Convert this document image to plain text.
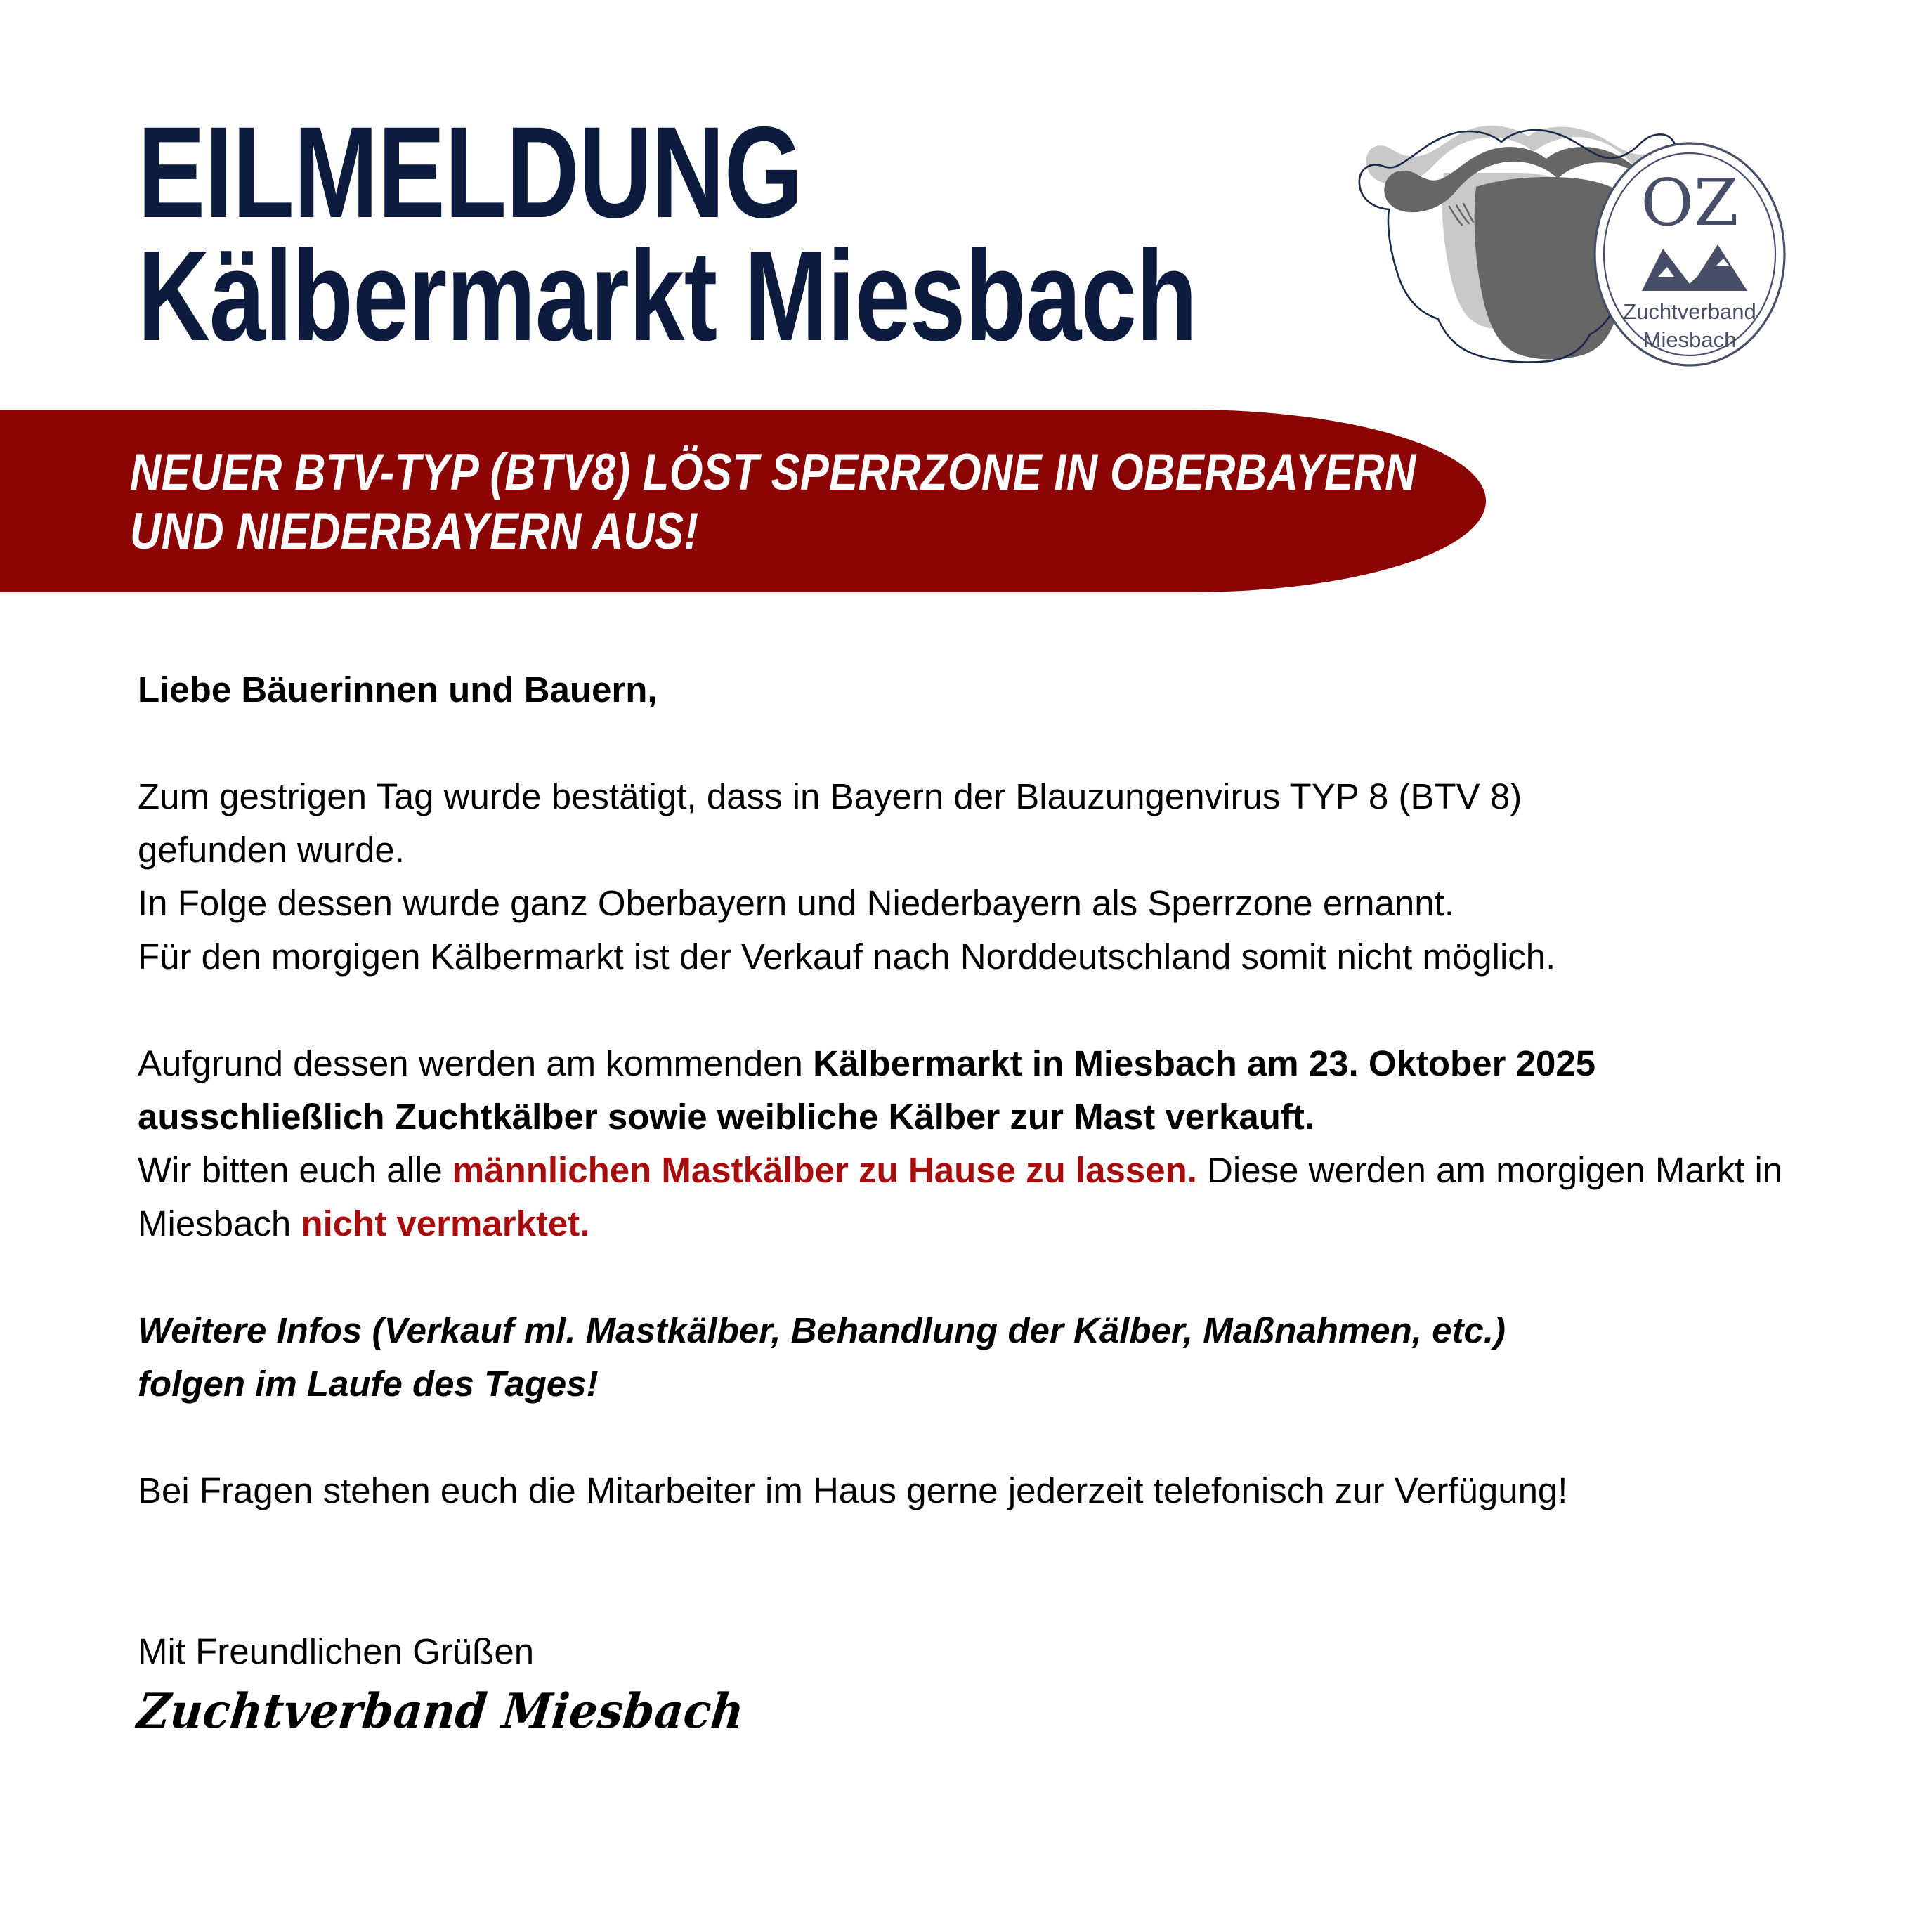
EILMELDUNG
Kälbermarkt Miesbach
OZ
Zuchtverband
Miesbach
NEUER BTV-TYP (BTV8) LÖST SPERRZONE IN OBERBAYERN
UND NIEDERBAYERN AUS!

Liebe Bäuerinnen und Bauern,

Zum gestrigen Tag wurde bestätigt, dass in Bayern der Blauzungenvirus TYP 8 (BTV 8)
gefunden wurde.
In Folge dessen wurde ganz Oberbayern und Niederbayern als Sperrzone ernannt.
Für den morgigen Kälbermarkt ist der Verkauf nach Norddeutschland somit nicht möglich.

Aufgrund dessen werden am kommenden Kälbermarkt in Miesbach am 23. Oktober 2025 ausschließlich Zuchtkälber sowie weibliche Kälber zur Mast verkauft.
Wir bitten euch alle männlichen Mastkälber zu Hause zu lassen. Diese werden am morgigen Markt in Miesbach nicht vermarktet.

Weitere Infos (Verkauf ml. Mastkälber, Behandlung der Kälber, Maßnahmen, etc.)
folgen im Laufe des Tages!

Bei Fragen stehen euch die Mitarbeiter im Haus gerne jederzeit telefonisch zur Verfügung!

Mit Freundlichen Grüßen
Zuchtverband Miesbach
